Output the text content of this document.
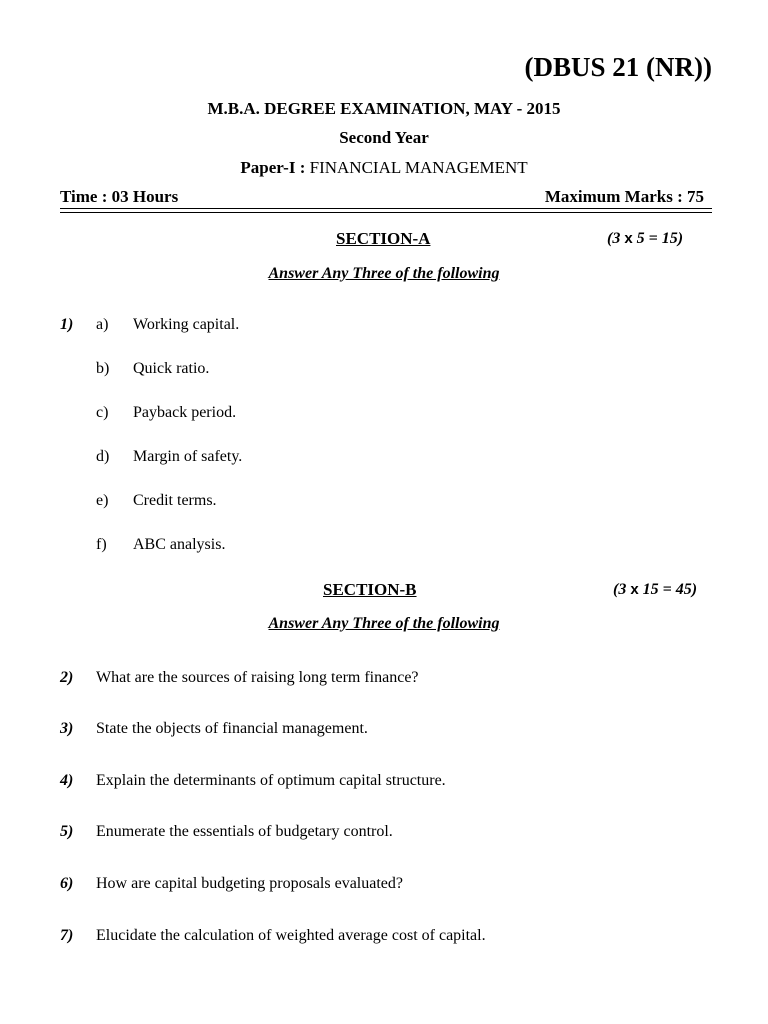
(DBUS 21 (NR))
M.B.A. DEGREE EXAMINATION, MAY - 2015
Second Year
Paper-I : FINANCIAL MANAGEMENT
Time : 03 Hours	Maximum Marks : 75
SECTION-A	(3 x 5 = 15)
Answer Any Three of the following
1) a) Working capital.
b) Quick ratio.
c) Payback period.
d) Margin of safety.
e) Credit terms.
f) ABC analysis.
SECTION-B	(3 x 15 = 45)
Answer Any Three of the following
2) What are the sources of raising long term finance?
3) State the objects of financial management.
4) Explain the determinants of optimum capital structure.
5) Enumerate the essentials of budgetary control.
6) How are capital budgeting proposals evaluated?
7) Elucidate the calculation of weighted average cost of capital.
